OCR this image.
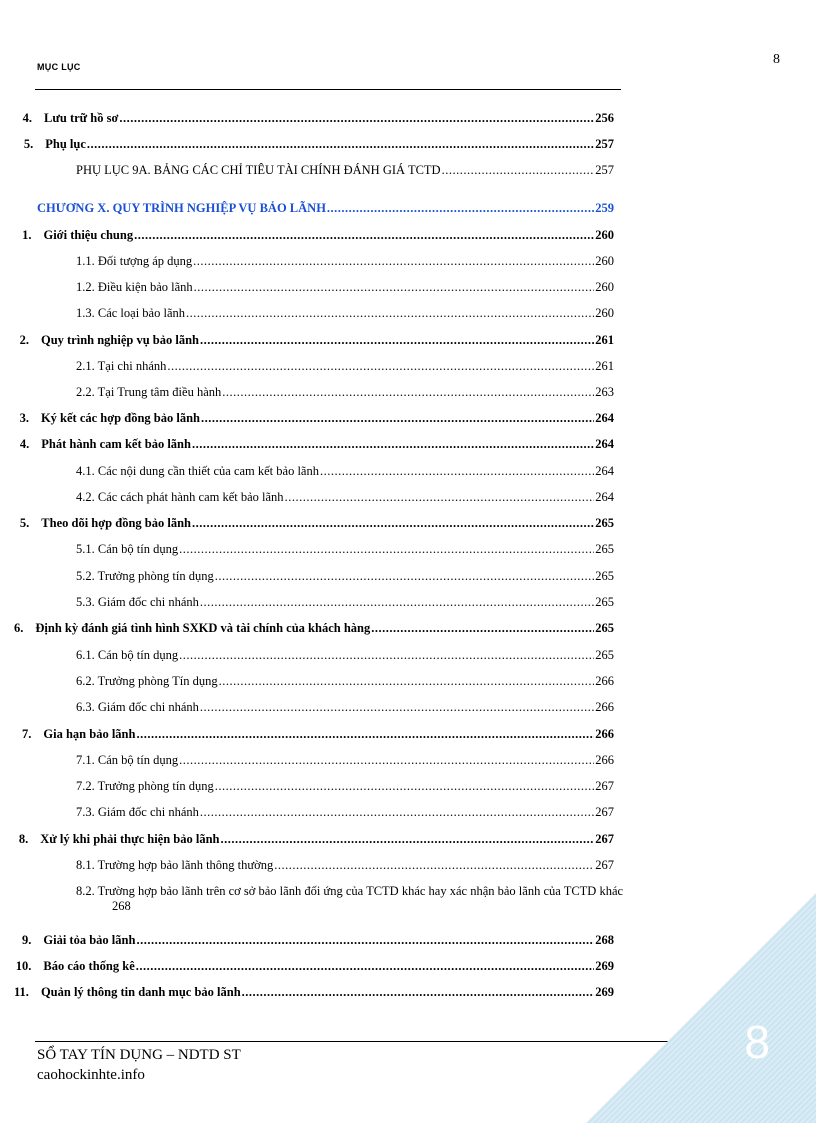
8
MỤC LỤC
4. Lưu trữ hồ sơ .....	256
5. Phụ lục .....	257
PHỤ LỤC 9A. BẢNG CÁC CHỈ TIÊU TÀI CHÍNH ĐÁNH GIÁ TCTD .....	257
CHƯƠNG X. QUY TRÌNH NGHIỆP VỤ BẢO LÃNH .....	259
1. Giới thiệu chung .....	260
1.1. Đối tượng áp dụng .....	260
1.2. Điều kiện bảo lãnh .....	260
1.3. Các loại bảo lãnh .....	260
2. Quy trình nghiệp vụ bảo lãnh .....	261
2.1. Tại chi nhánh .....	261
2.2. Tại Trung tâm điều hành .....	263
3. Ký kết các hợp đồng bảo lãnh .....	264
4. Phát hành cam kết bảo lãnh .....	264
4.1. Các nội dung cần thiết của cam kết bảo lãnh .....	264
4.2. Các cách phát hành cam kết bảo lãnh .....	264
5. Theo dõi hợp đồng bảo lãnh .....	265
5.1. Cán bộ tín dụng .....	265
5.2. Trưởng phòng tín dụng .....	265
5.3. Giám đốc chi nhánh .....	265
6. Định kỳ đánh giá tình hình SXKD và tài chính của khách hàng .....	265
6.1. Cán bộ tín dụng .....	265
6.2. Trưởng phòng Tín dụng .....	266
6.3. Giám đốc chi nhánh .....	266
7. Gia hạn bảo lãnh .....	266
7.1. Cán bộ tín dụng .....	266
7.2. Trưởng phòng tín dụng .....	267
7.3. Giám đốc chi nhánh .....	267
8. Xử lý khi phải thực hiện bảo lãnh .....	267
8.1. Trường hợp bảo lãnh thông thường .....	267
8.2. Trường hợp bảo lãnh trên cơ sở bảo lãnh đối ứng của TCTD khác hay xác nhận bảo lãnh của TCTD khác
268
9. Giải tỏa bảo lãnh .....	268
10. Báo cáo thống kê .....	269
11. Quản lý thông tin danh mục bảo lãnh .....	269
SỔ TAY TÍN DỤNG – NDTD ST
caohockinhte.info
8
